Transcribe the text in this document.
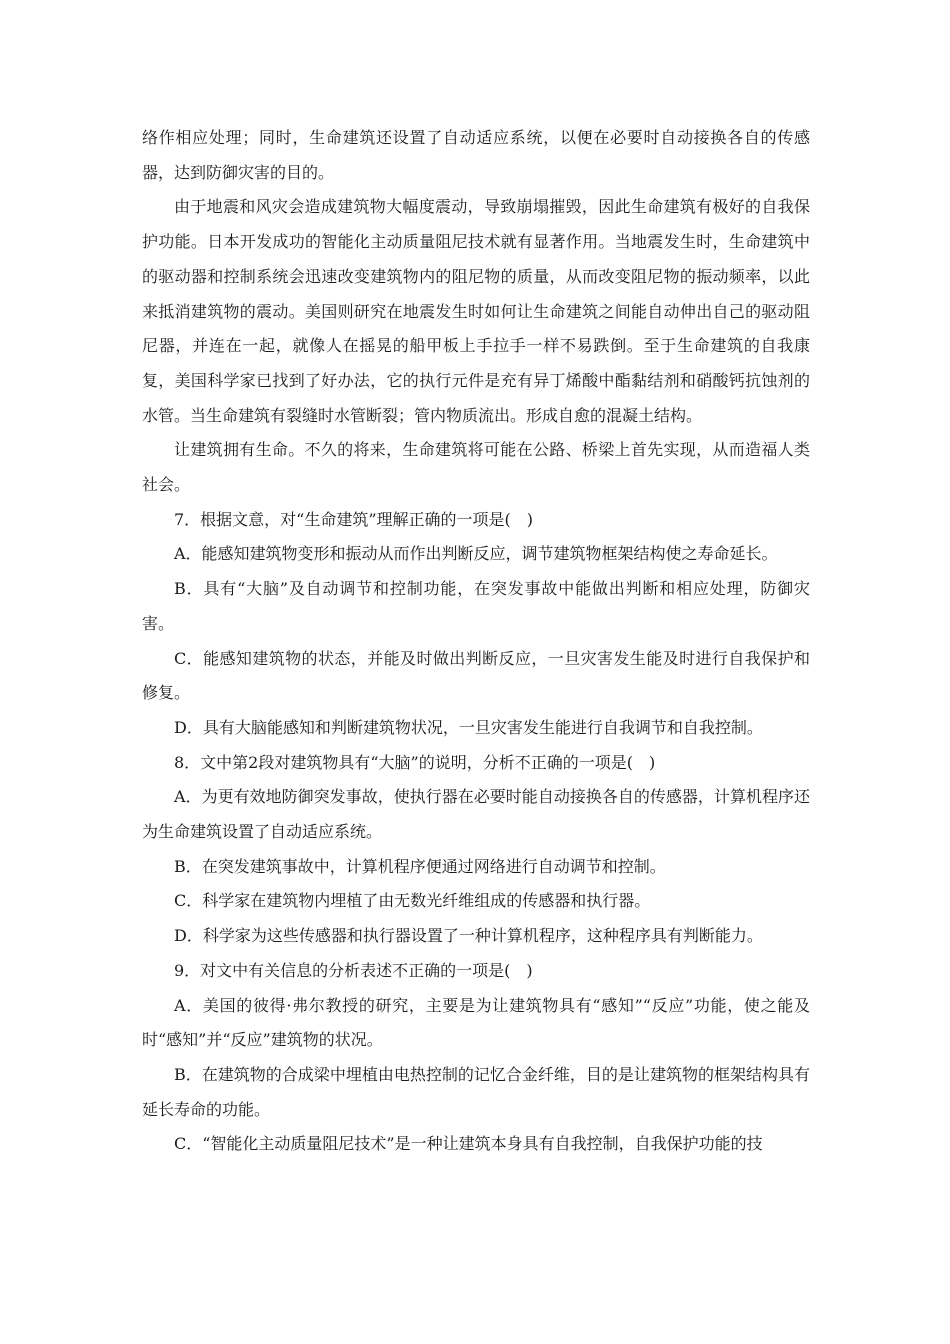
络作相应处理；同时，生命建筑还设置了自动适应系统，以便在必要时自动接换各自的传感器，达到防御灾害的目的。

由于地震和风灾会造成建筑物大幅度震动，导致崩塌摧毁，因此生命建筑有极好的自我保护功能。日本开发成功的智能化主动质量阻尼技术就有显著作用。当地震发生时，生命建筑中的驱动器和控制系统会迅速改变建筑物内的阻尼物的质量，从而改变阻尼物的振动频率，以此来抵消建筑物的震动。美国则研究在地震发生时如何让生命建筑之间能自动伸出自己的驱动阻尼器，并连在一起，就像人在摇晃的船甲板上手拉手一样不易跌倒。至于生命建筑的自我康复，美国科学家已找到了好办法，它的执行元件是充有异丁烯酸中酯黏结剂和硝酸钙抗蚀剂的水管。当生命建筑有裂缝时水管断裂；管内物质流出。形成自愈的混凝土结构。

让建筑拥有生命。不久的将来，生命建筑将可能在公路、桥梁上首先实现，从而造福人类社会。

7．根据文意，对“生命建筑”理解正确的一项是(　)

A．能感知建筑物变形和振动从而作出判断反应，调节建筑物框架结构使之寿命延长。

B．具有“大脑”及自动调节和控制功能，在突发事故中能做出判断和相应处理，防御灾害。

C．能感知建筑物的状态，并能及时做出判断反应，一旦灾害发生能及时进行自我保护和修复。

D．具有大脑能感知和判断建筑物状况，一旦灾害发生能进行自我调节和自我控制。

8．文中第2段对建筑物具有“大脑”的说明，分析不正确的一项是(　)

A．为更有效地防御突发事故，使执行器在必要时能自动接换各自的传感器，计算机程序还为生命建筑设置了自动适应系统。

B．在突发建筑事故中，计算机程序便通过网络进行自动调节和控制。

C．科学家在建筑物内埋植了由无数光纤维组成的传感器和执行器。

D．科学家为这些传感器和执行器设置了一种计算机程序，这种程序具有判断能力。

9．对文中有关信息的分析表述不正确的一项是(　)

A．美国的彼得·弗尔教授的研究，主要是为让建筑物具有“感知”“反应”功能，使之能及时“感知”并“反应”建筑物的状况。

B．在建筑物的合成梁中埋植由电热控制的记忆合金纤维，目的是让建筑物的框架结构具有延长寿命的功能。

C．“智能化主动质量阻尼技术”是一种让建筑本身具有自我控制，自我保护功能的技
